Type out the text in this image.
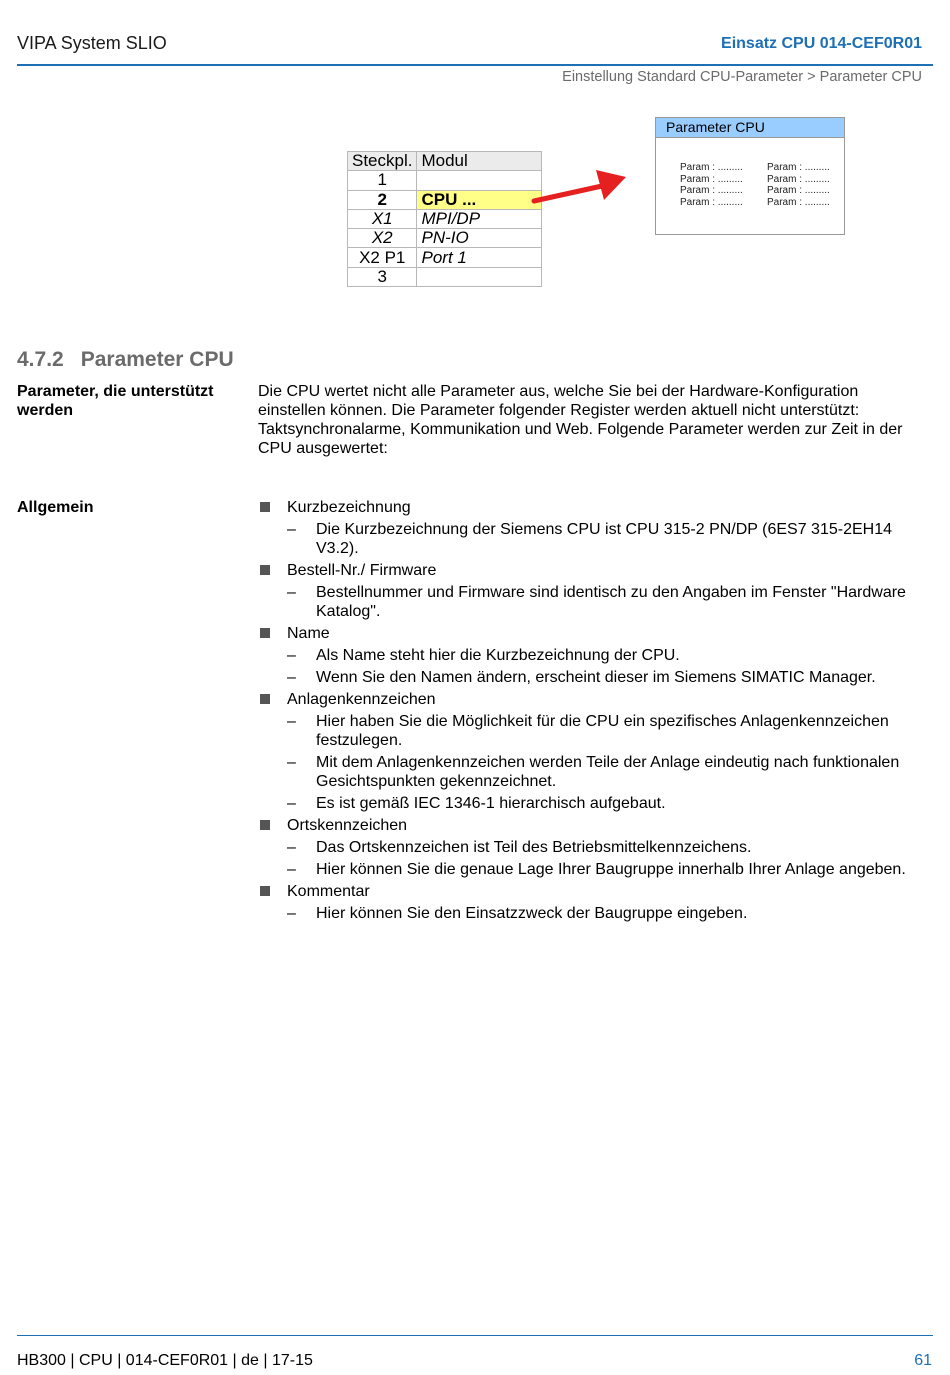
VIPA System SLIO	Einsatz CPU 014-CEF0R01
Einstellung Standard CPU-Parameter > Parameter CPU
Steckpl.	Modul
1	
2	CPU ...
X1	MPI/DP
X2	PN-IO
X2 P1	Port 1
3	
Parameter CPU
Param : .........
Param : .........
Param : .........
Param : .........
Param : .........
Param : .........
Param : .........
Param : .........
4.7.2 Parameter CPU
Parameter, die unterstützt werden
Die CPU wertet nicht alle Parameter aus, welche Sie bei der Hardware-Konfiguration einstellen können. Die Parameter folgender Register werden aktuell nicht unterstützt: Taktsynchronalarme, Kommunikation und Web. Folgende Parameter werden zur Zeit in der CPU ausgewertet:
Allgemein	Kurzbezeichnung
– Die Kurzbezeichnung der Siemens CPU ist CPU 315-2 PN/DP (6ES7 315-2EH14 V3.2).
Bestell-Nr./ Firmware
– Bestellnummer und Firmware sind identisch zu den Angaben im Fenster "Hardware Katalog".
Name
– Als Name steht hier die Kurzbezeichnung der CPU.
– Wenn Sie den Namen ändern, erscheint dieser im Siemens SIMATIC Manager.
Anlagenkennzeichen
– Hier haben Sie die Möglichkeit für die CPU ein spezifisches Anlagenkennzeichen festzulegen.
– Mit dem Anlagenkennzeichen werden Teile der Anlage eindeutig nach funktionalen Gesichtspunkten gekennzeichnet.
– Es ist gemäß IEC 1346-1 hierarchisch aufgebaut.
Ortskennzeichen
– Das Ortskennzeichen ist Teil des Betriebsmittelkennzeichens.
– Hier können Sie die genaue Lage Ihrer Baugruppe innerhalb Ihrer Anlage angeben.
Kommentar
– Hier können Sie den Einsatzzweck der Baugruppe eingeben.
HB300 | CPU | 014-CEF0R01 | de | 17-15	61
